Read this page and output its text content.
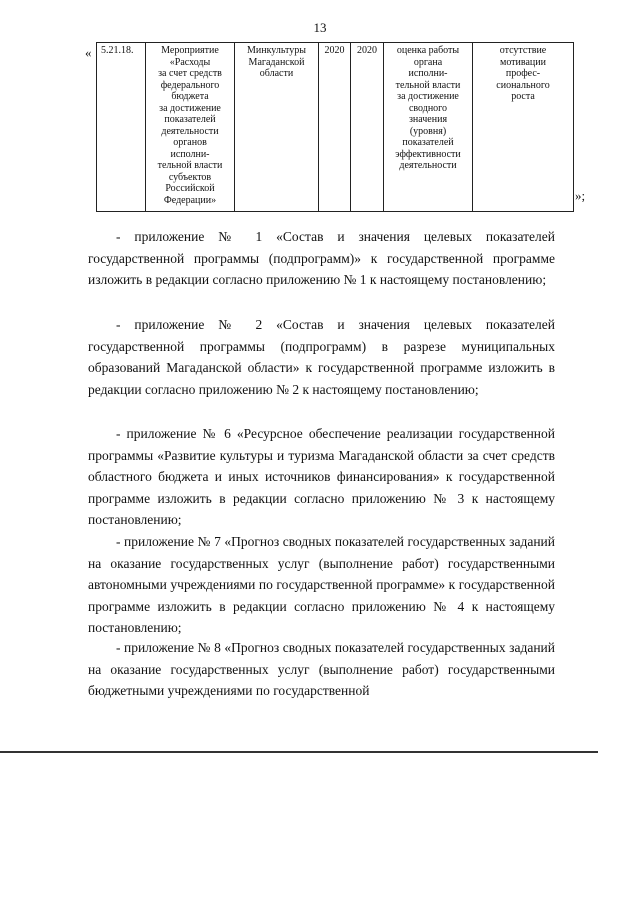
13
« 5.21.18.	Мероприятие
«Расходы
за счет средств
федерального
бюджета
за достижение
показателей
деятельности
органов
исполни-
тельной власти
субъектов
Российской
Федерации»	Минкультуры
Магаданской
области	2020	2020	оценка работы
органа
исполни-
тельной власти
за достижение
сводного
значения
(уровня)
показателей
эффективности
деятельности	отсутствие
мотивации
профес-
сионального
роста
»;

- приложение № 1 «Состав и значения целевых показателей государственной программы (подпрограмм)» к государственной программе изложить в редакции согласно приложению № 1 к настоящему постановлению;

- приложение № 2 «Состав и значения целевых показателей государственной программы (подпрограмм) в разрезе муниципальных образований Магаданской области» к государственной программе изложить в редакции согласно приложению № 2 к настоящему постановлению;

- приложение № 6 «Ресурсное обеспечение реализации государственной программы «Развитие культуры и туризма Магаданской области за счет средств областного бюджета и иных источников финансирования» к государственной программе изложить в редакции согласно приложению № 3 к настоящему постановлению;

- приложение № 7 «Прогноз сводных показателей государственных заданий на оказание государственных услуг (выполнение работ) государственными автономными учреждениями по государственной программе» к государственной программе изложить в редакции согласно приложению № 4 к настоящему постановлению;

- приложение № 8 «Прогноз сводных показателей государственных заданий на оказание государственных услуг (выполнение работ) государственными бюджетными учреждениями по государственной
